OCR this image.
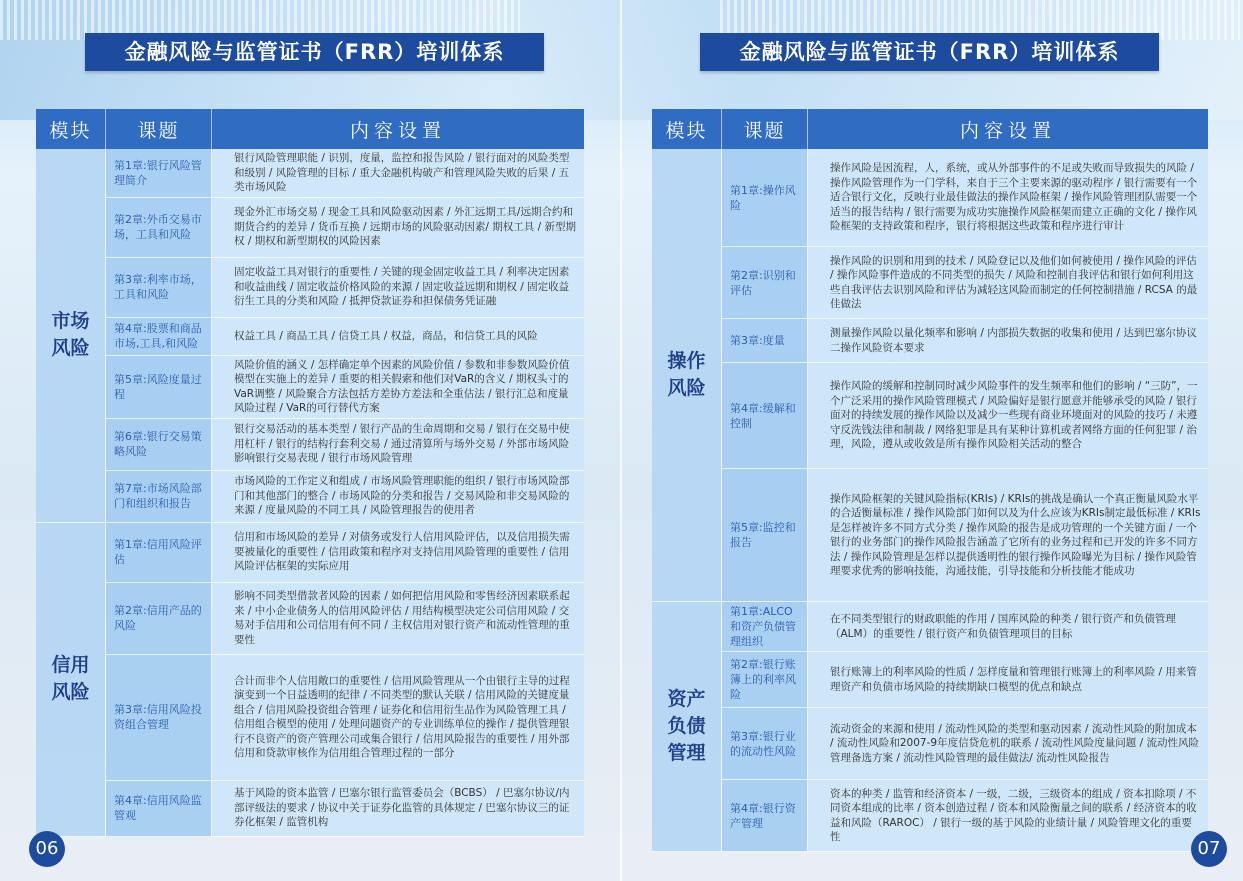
金融风险与监管证书（FRR）培训体系
模块	课题	内容设置
市场风险	第1章:银行风险管理简介	银行风险管理职能 / 识别，度量，监控和报告风险 / 银行面对的风险类型和级别 / 风险管理的目标 / 重大金融机构破产和管理风险失败的后果 / 五类市场风险
	第2章:外币交易市场，工具和风险	现金外汇市场交易 / 现金工具和风险驱动因素 / 外汇远期工具/远期合约和期货合约的差异 / 货币互换 / 远期市场的风险驱动因素/ 期权工具 / 新型期权 / 期权和新型期权的风险因素
	第3章:利率市场，工具和风险	固定收益工具对银行的重要性 / 关键的现金固定收益工具 / 利率决定因素和收益曲线 / 固定收益价格风险的来源 / 固定收益远期和期权 / 固定收益衍生工具的分类和风险 / 抵押贷款证券和担保债务凭证融
	第4章:股票和商品市场,工具,和风险	权益工具 / 商品工具 / 信贷工具 / 权益，商品，和信贷工具的风险
	第5章:风险度量过程	风险价值的涵义 / 怎样确定单个因素的风险价值 / 参数和非参数风险价值模型在实施上的差异 / 重要的相关假索和他们对VaR的含义 / 期权头寸的VaR调整 / 风险聚合方法包括方差协方差法和全重估法 / 银行汇总和度量风险过程 / VaR的可行替代方案
	第6章:银行交易策略风险	银行交易活动的基本类型 / 银行产品的生命周期和交易 / 银行在交易中使用杠杆 / 银行的结构行套利交易 / 通过清算所与场外交易 / 外部市场风险影响银行交易表现 / 银行市场风险管理
	第7章:市场风险部门和组织和报告	市场风险的工作定义和组成 / 市场风险管理职能的组织 / 银行市场风险部门和其他部门的整合 / 市场风险的分类和报告 / 交易风险和非交易风险的来源 / 度量风险的不同工具 / 风险管理报告的使用者
信用风险	第1章:信用风险评估	信用和市场风险的差异 / 对债务或发行人信用风险评估，以及信用损失需要被量化的重要性 / 信用政策和程序对支持信用风险管理的重要性 / 信用风险评估框架的实际应用
	第2章:信用产品的风险	影响不同类型借款者风险的因素 / 如何把信用风险和零售经济因素联系起来 / 中小企业债务人的信用风险评估 / 用结构模型决定公司信用风险 / 交易对手信用和公司信用有何不同 / 主权信用对银行资产和流动性管理的重要性
	第3章:信用风险投资组合管理	合计而非个人信用敞口的重要性 / 信用风险管理从一个由银行主导的过程演变到一个日益透明的纪律 / 不同类型的默认关联 / 信用风险的关键度量组合 / 信用风险投资组合管理 / 证券化和信用衍生品作为风险管理工具 / 信用组合模型的使用 / 处理问题资产的专业训练单位的操作 / 提供管理银行不良资产的资产管理公司或集合银行 / 信用风险报告的重要性 / 用外部信用和贷款审核作为信用组合管理过程的一部分
	第4章:信用风险监管观	基于风险的资本监管 / 巴塞尔银行监管委员会（BCBS） / 巴塞尔协议/内部评级法的要求 / 协议中关于证券化监管的具体规定 / 巴塞尔协议三的证券化框架 / 监管机构
06
金融风险与监管证书（FRR）培训体系
模块	课题	内容设置
操作风险	第1章:操作风险	操作风险是因流程，人，系统，或从外部事件的不足或失败而导致损失的风险 / 操作风险管理作为一门学科，来自于三个主要来源的驱动程序 / 银行需要有一个适合银行文化，反映行业最佳做法的操作风险框架 / 操作风险管理团队需要一个适当的报告结构 / 银行需要为成功实施操作风险框架而建立正确的文化 / 操作风险框架的支持政策和程序，银行将根据这些政策和程序进行审计
	第2章:识别和评估	操作风险的识别和用到的技术 / 风险登记以及他们如何被使用 / 操作风险的评估 / 操作风险事件造成的不同类型的损失 / 风险和控制自我评估和银行如何利用这些自我评估去识别风险和评估为减轻这风险而制定的任何控制措施 / RCSA 的最佳做法
	第3章:度量	测量操作风险以量化频率和影响 / 内部损失数据的收集和使用 / 达到巴塞尔协议二操作风险资本要求
	第4章:缓解和控制	操作风险的缓解和控制同时减少风险事件的发生频率和他们的影响 / “三防”，一个广泛采用的操作风险管理模式 / 风险偏好是银行愿意并能够承受的风险 / 银行面对的持续发展的操作风险以及减少一些现有商业环境面对的风险的技巧 / 未遵守反洗钱法律和制裁 / 网络犯罪是具有某种计算机或者网络方面的任何犯罪 / 治理，风险，遵从或收敛是所有操作风险相关活动的整合
	第5章:监控和报告	操作风险框架的关键风险指标(KRIs) / KRIs的挑战是确认一个真正衡量风险水平的合适衡量标准 / 操作风险部门如何以及为什么应该为KRIs制定最低标准 / KRIs是怎样被许多不同方式分类 / 操作风险的报告是成功管理的一个关键方面 / 一个银行的业务部门的操作风险报告涵盖了它所有的业务过程和已开发的许多不同方法 / 操作风险管理是怎样以提供透明性的银行操作风险曝光为目标 / 操作风险管理要求优秀的影响技能，沟通技能，引导技能和分析技能才能成功
资产负债管理	第1章:ALCO和资产负债管理组织	在不同类型银行的财政职能的作用 / 国库风险的种类 / 银行资产和负债管理（ALM）的重要性 / 银行资产和负债管理项目的目标
	第2章:银行账簿上的利率风险	银行账簿上的利率风险的性质 / 怎样度量和管理银行账簿上的利率风险 / 用来管理资产和负债市场风险的持续期缺口模型的优点和缺点
	第3章:银行业的流动性风险	流动资金的来源和使用 / 流动性风险的类型和驱动因素 / 流动性风险的附加成本 / 流动性风险和2007-9年度信贷危机的联系 / 流动性风险度量问题 / 流动性风险管理备选方案 / 流动性风险管理的最佳做法/ 流动性风险报告
	第4章:银行资产管理	资本的种类 / 监管和经济资本 / 一级，二级，三级资本的组成 / 资本扣除项 / 不同资本组成的比率 / 资本创造过程 / 资本和风险衡量之间的联系 / 经济资本的收益和风险（RAROC） / 银行一级的基于风险的业绩计量 / 风险管理文化的重要性
07
